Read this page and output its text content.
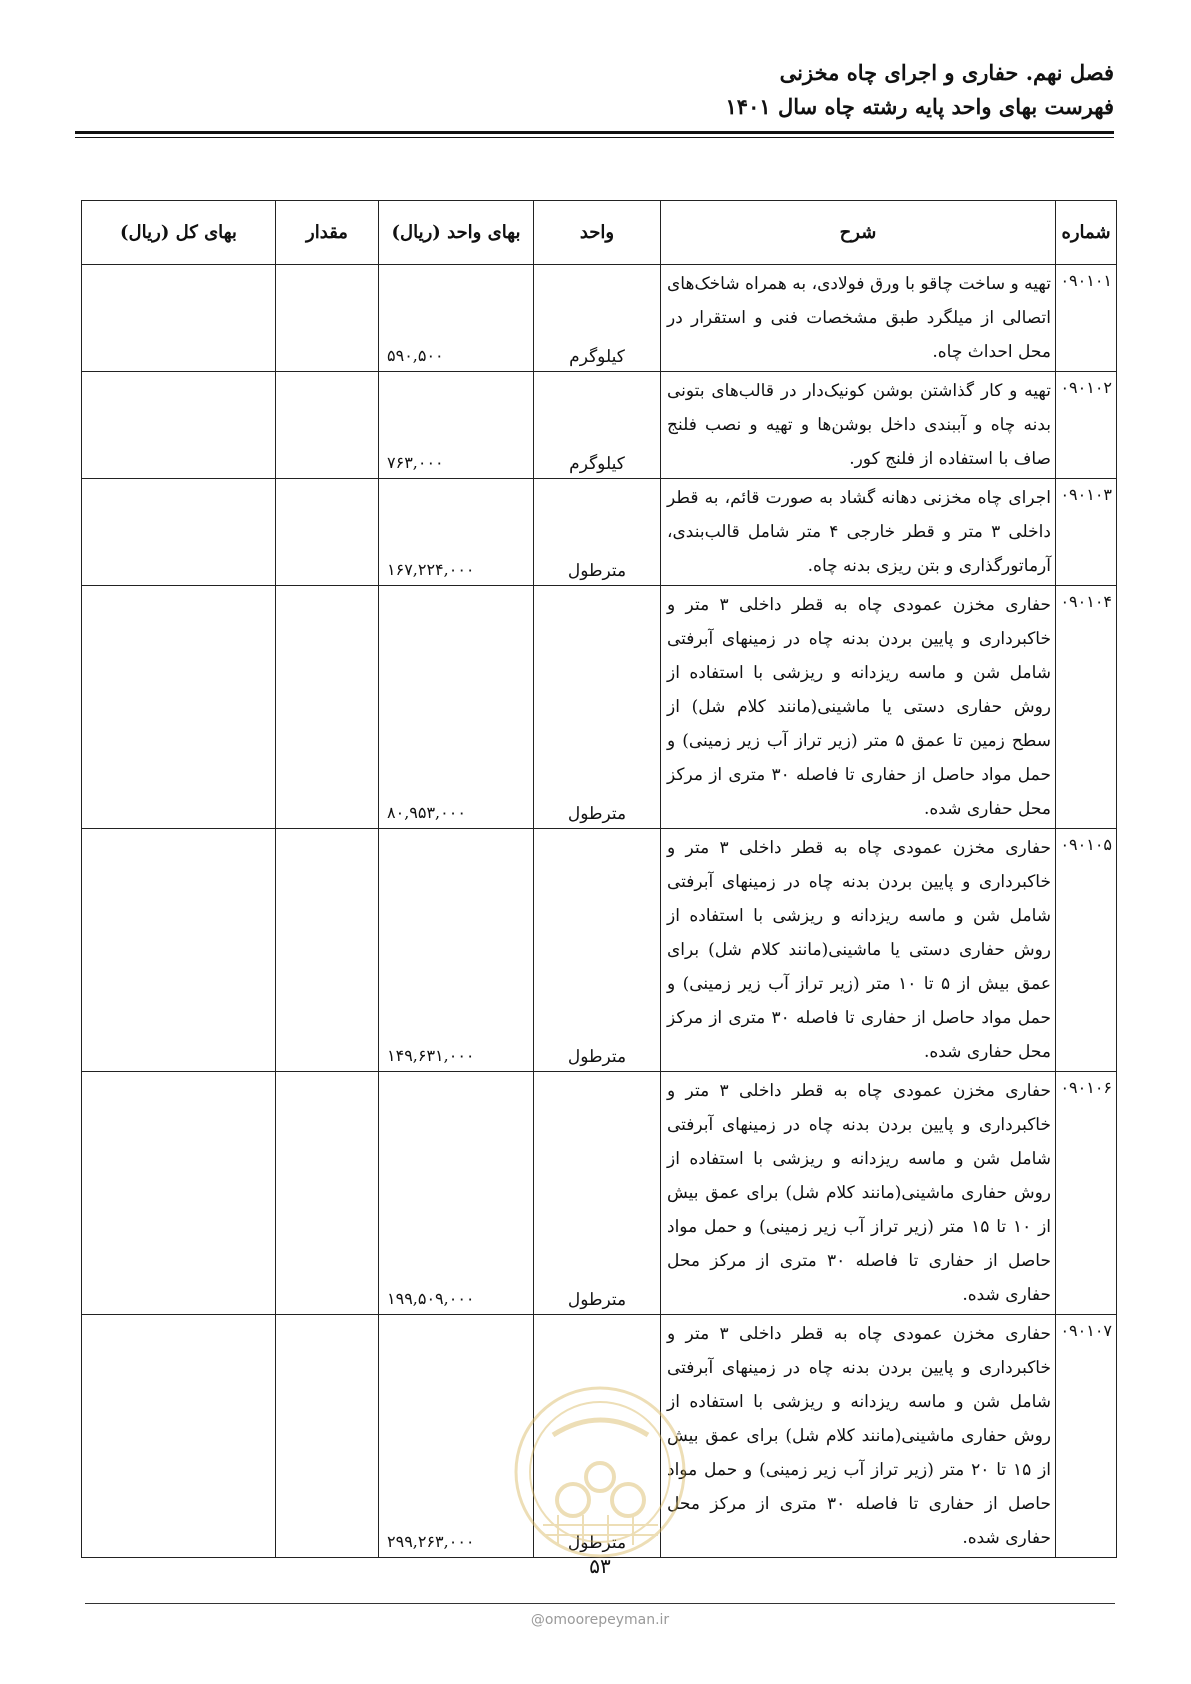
فصل نهم. حفاری و اجرای چاه مخزنی
فهرست بهای واحد پایه رشته چاه سال ۱۴۰۱
شماره	شرح	واحد	بهای واحد (ریال)	مقدار	بهای کل (ریال)
۰۹۰۱۰۱	تهیه و ساخت چاقو با ورق فولادی، به همراه شاخک‌های اتصالی از میلگرد طبق مشخصات فنی و استقرار در محل احداث چاه.	کیلوگرم	۵۹۰,۵۰۰		
۰۹۰۱۰۲	تهیه و کار گذاشتن بوشن کونیک‌دار در قالب‌های بتونی بدنه چاه و آببندی داخل بوشن‌ها و تهیه و نصب فلنج صاف با استفاده از فلنج کور.	کیلوگرم	۷۶۳,۰۰۰		
۰۹۰۱۰۳	اجرای چاه مخزنی دهانه گشاد به صورت قائم، به قطر داخلی ۳ متر و قطر خارجی ۴ متر شامل قالب‌بندی، آرماتورگذاری و بتن ریزی بدنه چاه.	مترطول	۱۶۷,۲۲۴,۰۰۰		
۰۹۰۱۰۴	حفاری مخزن عمودی چاه به قطر داخلی ۳ متر و خاکبرداری و پایین بردن بدنه چاه در زمینهای آبرفتی شامل شن و ماسه ریزدانه و ریزشی با استفاده از روش حفاری دستی یا ماشینی(مانند کلام شل) از سطح زمین تا عمق ۵ متر (زیر تراز آب زیر زمینی) و حمل مواد حاصل از حفاری تا فاصله ۳۰ متری از مرکز محل حفاری شده.	مترطول	۸۰,۹۵۳,۰۰۰		
۰۹۰۱۰۵	حفاری مخزن عمودی چاه به قطر داخلی ۳ متر و خاکبرداری و پایین بردن بدنه چاه در زمینهای آبرفتی شامل شن و ماسه ریزدانه و ریزشی با استفاده از روش حفاری دستی یا ماشینی(مانند کلام شل) برای عمق بیش از ۵ تا ۱۰ متر (زیر تراز آب زیر زمینی) و حمل مواد حاصل از حفاری تا فاصله ۳۰ متری از مرکز محل حفاری شده.	مترطول	۱۴۹,۶۳۱,۰۰۰		
۰۹۰۱۰۶	حفاری مخزن عمودی چاه به قطر داخلی ۳ متر و خاکبرداری و پایین بردن بدنه چاه در زمینهای آبرفتی شامل شن و ماسه ریزدانه و ریزشی با استفاده از روش حفاری ماشینی(مانند کلام شل) برای عمق بیش از ۱۰ تا ۱۵ متر (زیر تراز آب زیر زمینی) و حمل مواد حاصل از حفاری تا فاصله ۳۰ متری از مرکز محل حفاری شده.	مترطول	۱۹۹,۵۰۹,۰۰۰		
۰۹۰۱۰۷	حفاری مخزن عمودی چاه به قطر داخلی ۳ متر و خاکبرداری و پایین بردن بدنه چاه در زمینهای آبرفتی شامل شن و ماسه ریزدانه و ریزشی با استفاده از روش حفاری ماشینی(مانند کلام شل) برای عمق بیش از ۱۵ تا ۲۰ متر (زیر تراز آب زیر زمینی) و حمل مواد حاصل از حفاری تا فاصله ۳۰ متری از مرکز محل حفاری شده.	مترطول	۲۹۹,۲۶۳,۰۰۰		
۵۳
@omoorepeyman.ir
